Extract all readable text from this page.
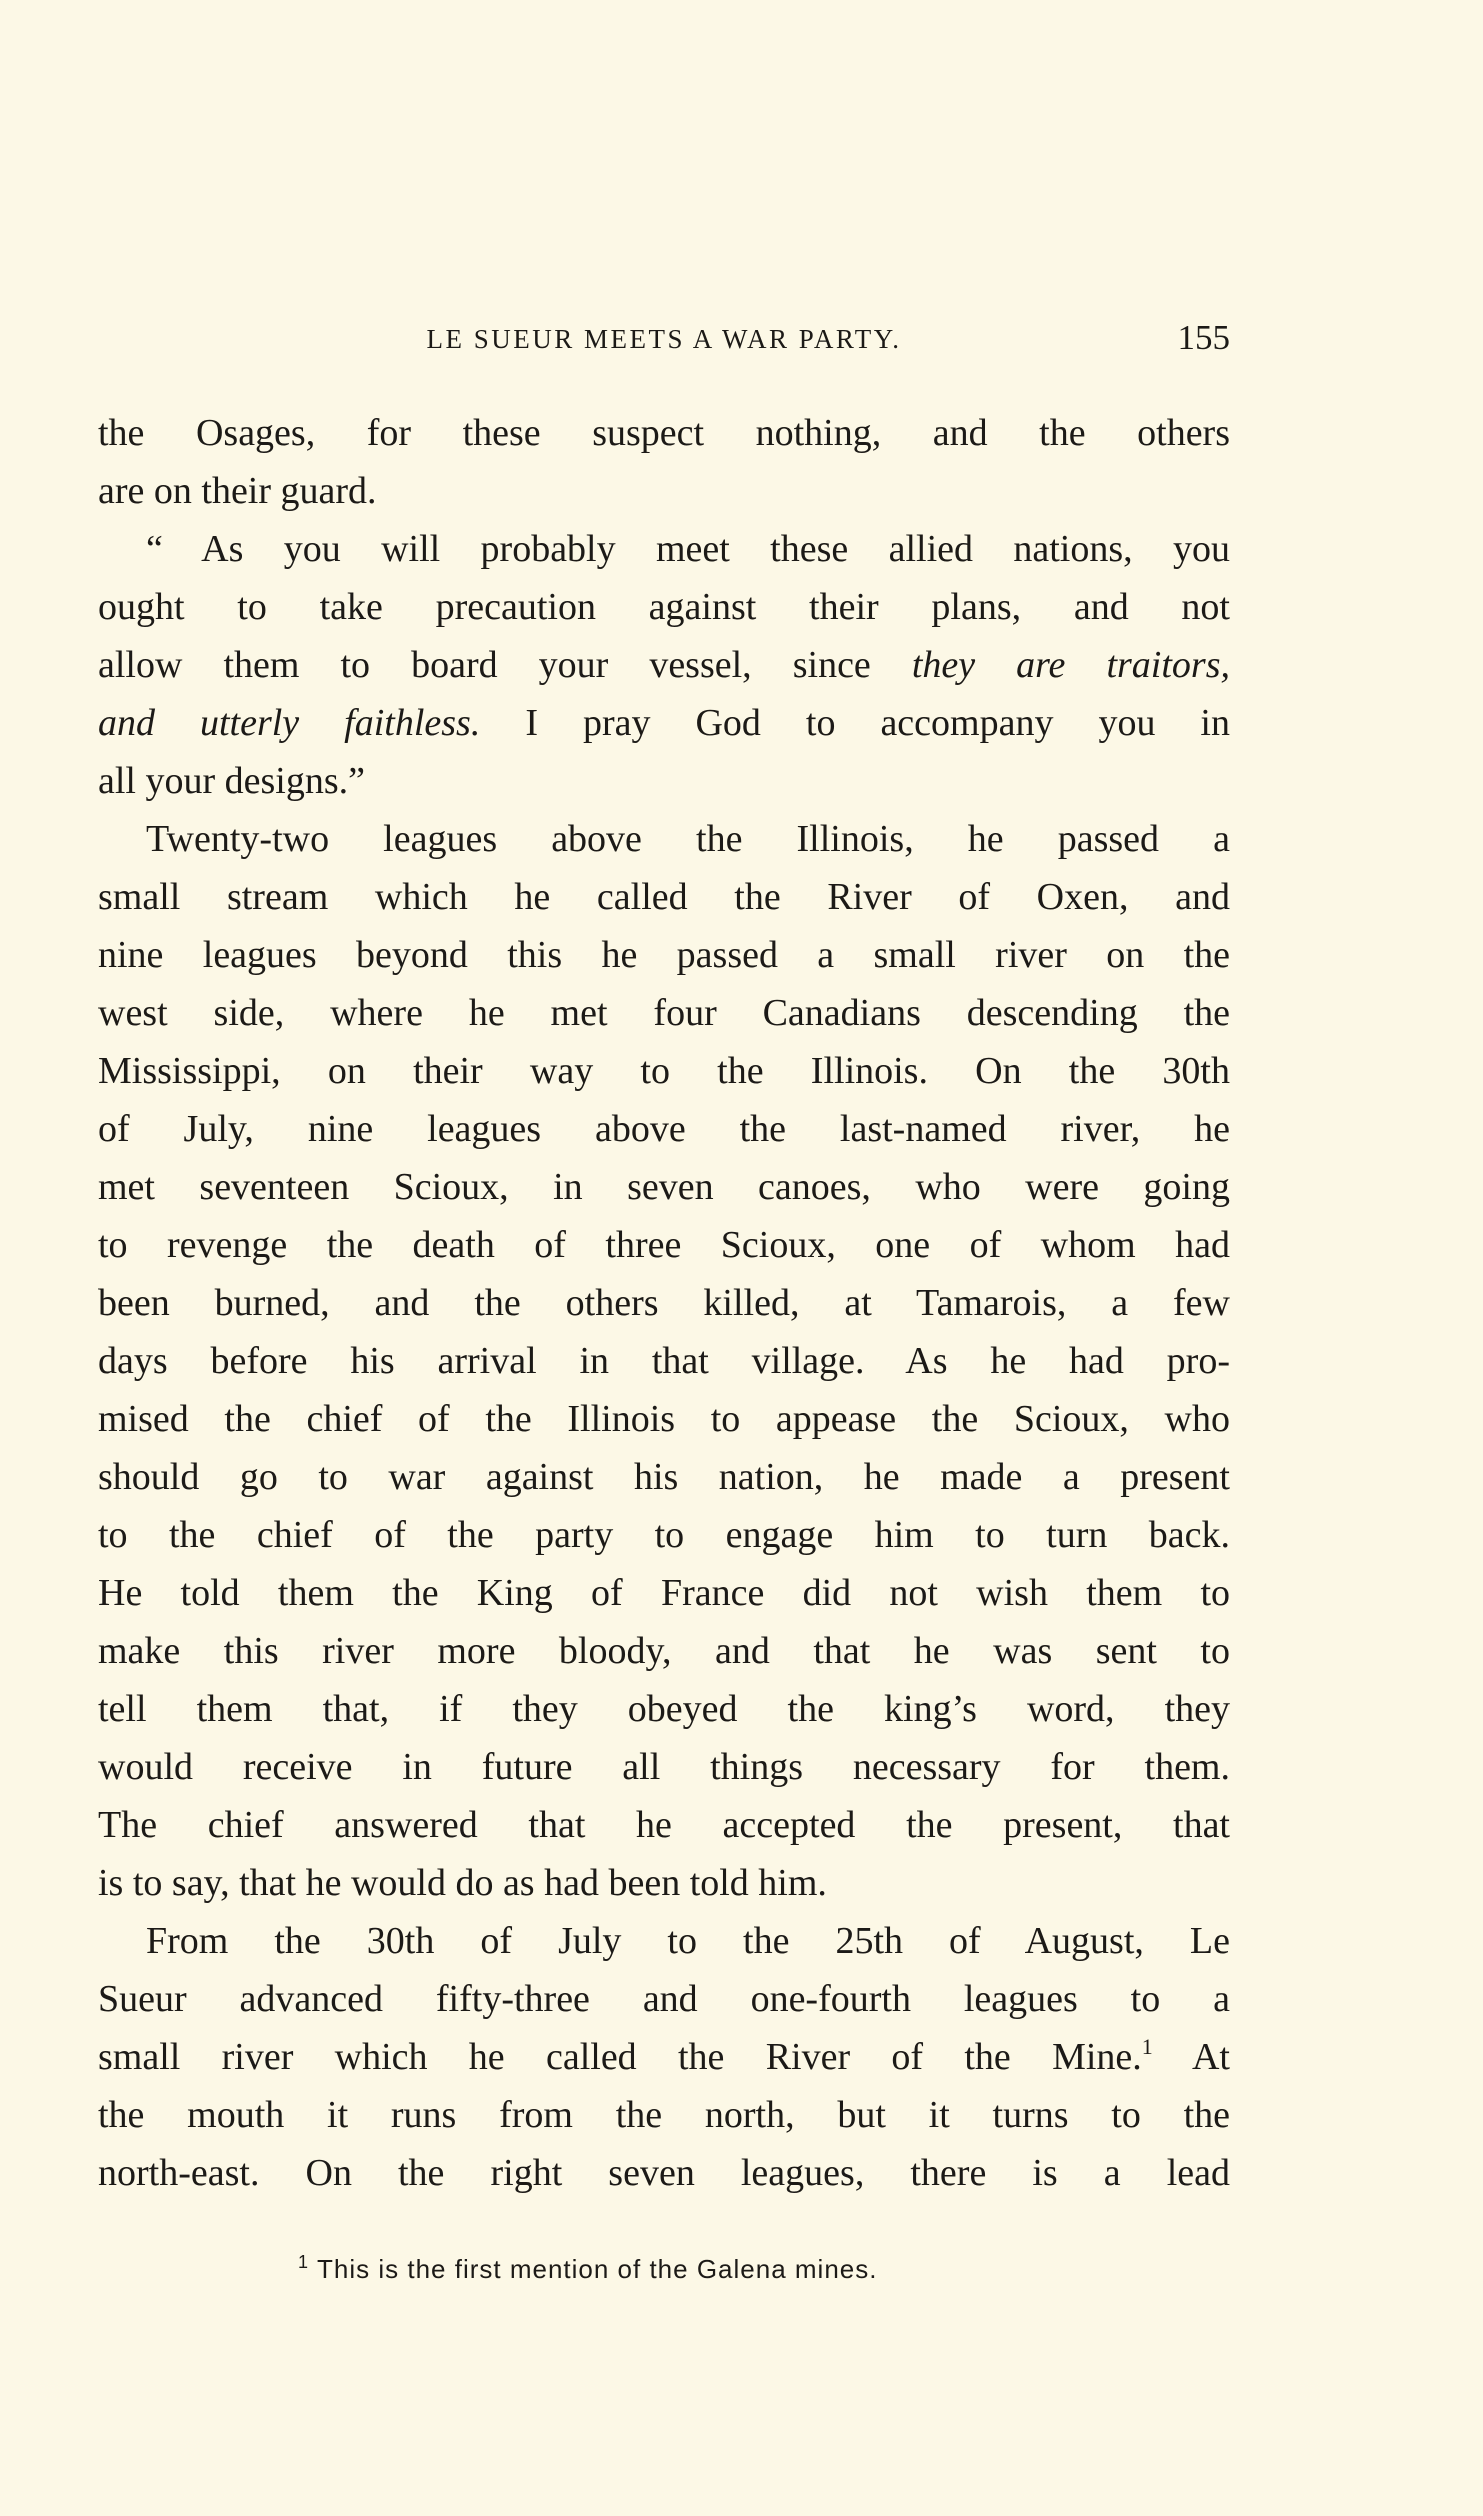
LE SUEUR MEETS A WAR PARTY.	155
the Osages, for these suspect nothing, and the others
are on their guard.
“ As you will probably meet these allied nations, you
ought to take precaution against their plans, and not
allow them to board your vessel, since they are traitors,
and utterly faithless. I pray God to accompany you in
all your designs.”
Twenty-two leagues above the Illinois, he passed a
small stream which he called the River of Oxen, and
nine leagues beyond this he passed a small river on the
west side, where he met four Canadians descending the
Mississippi, on their way to the Illinois. On the 30th
of July, nine leagues above the last-named river, he
met seventeen Scioux, in seven canoes, who were going
to revenge the death of three Scioux, one of whom had
been burned, and the others killed, at Tamarois, a few
days before his arrival in that village. As he had pro-
mised the chief of the Illinois to appease the Scioux, who
should go to war against his nation, he made a present
to the chief of the party to engage him to turn back.
He told them the King of France did not wish them to
make this river more bloody, and that he was sent to
tell them that, if they obeyed the king’s word, they
would receive in future all things necessary for them.
The chief answered that he accepted the present, that
is to say, that he would do as had been told him.
From the 30th of July to the 25th of August, Le
Sueur advanced fifty-three and one-fourth leagues to a
small river which he called the River of the Mine.$^1$ At
the mouth it runs from the north, but it turns to the
north-east. On the right seven leagues, there is a lead
$^1$ This is the first mention of the Galena mines.
